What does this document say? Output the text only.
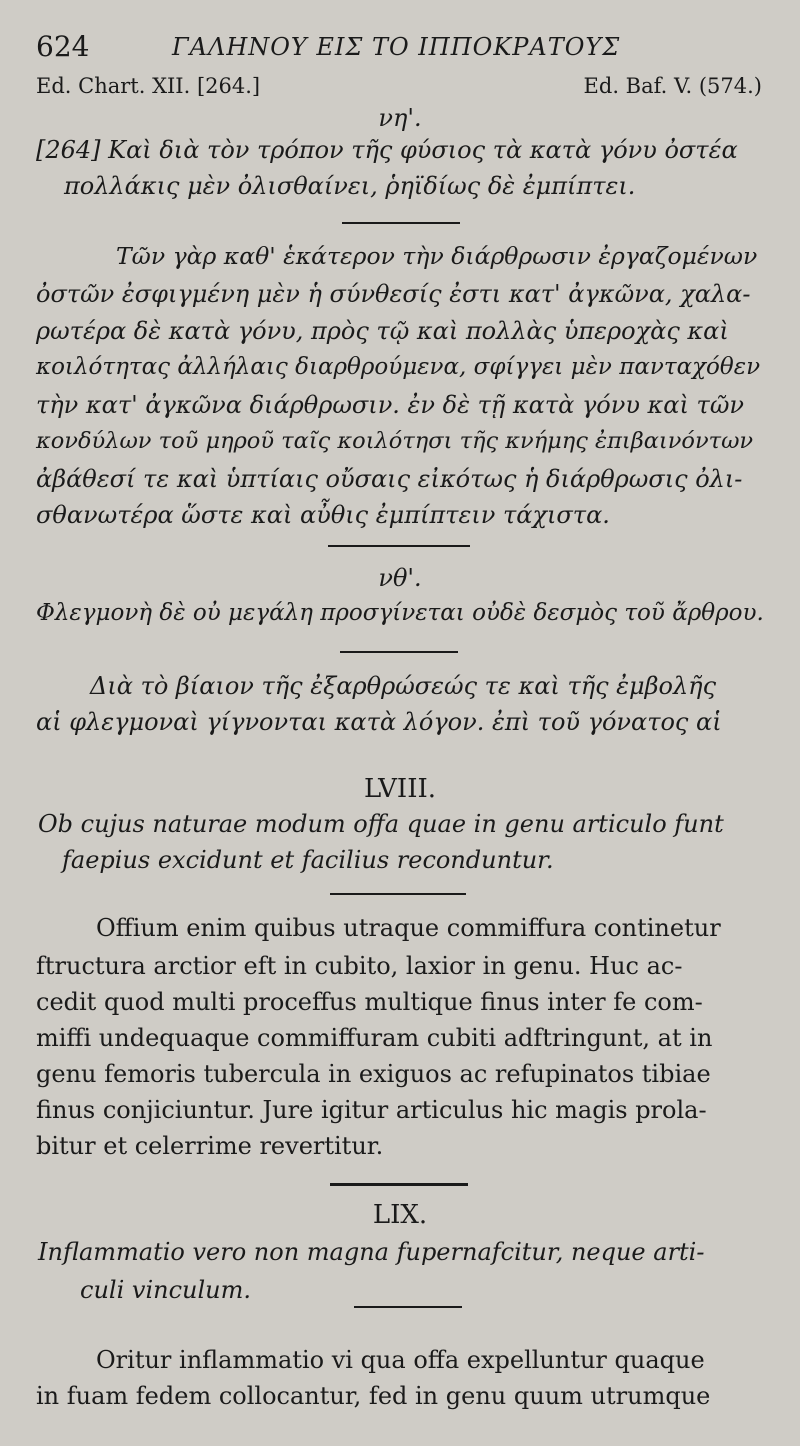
624	ΓΑΛΗΝΟΥ ΕΙΣ ΤΟ ΙΠΠΟΚΡΑΤΟΥΣ
Ed. Chart. XII. [264.]	Ed. Baf. V. (574.)
νη'.
[264] Καὶ διὰ τὸν τρόπον τῆς φύσιος τὰ κατὰ γόνυ ὀστέα
πολλάκις μὲν ὀλισθαίνει, ῥηϊδίως δὲ ἐμπίπτει.
Τῶν γὰρ καθ' ἑκάτερον τὴν διάρθρωσιν ἐργαζομένων
ὀστῶν ἐσφιγμένη μὲν ἡ σύνθεσίς ἐστι κατ' ἀγκῶνα, χαλα-
ρωτέρα δὲ κατὰ γόνυ, πρὸς τῷ καὶ πολλὰς ὑπεροχὰς καὶ
κοιλότητας ἀλλήλαις διαρθρούμενα, σφίγγει μὲν πανταχόθεν
τὴν κατ' ἀγκῶνα διάρθρωσιν. ἐν δὲ τῇ κατὰ γόνυ καὶ τῶν
κονδύλων τοῦ μηροῦ ταῖς κοιλότησι τῆς κνήμης ἐπιβαινόντων
ἀβάθεσί τε καὶ ὑπτίαις οὔσαις εἰκότως ἡ διάρθρωσις ὀλι-
σθανωτέρα ὥστε καὶ αὖθις ἐμπίπτειν τάχιστα.
νθ'.
Φλεγμονὴ δὲ οὐ μεγάλη προσγίνεται οὐδὲ δεσμὸς τοῦ ἄρθρου.
Διὰ τὸ βίαιον τῆς ἐξαρθρώσεώς τε καὶ τῆς ἐμβολῆς
αἱ φλεγμοναὶ γίγνονται κατὰ λόγον. ἐπὶ τοῦ γόνατος αἱ
LVIII.
Ob cujus naturae modum offa quae in genu articulo funt
faepius excidunt et facilius reconduntur.
Offium enim quibus utraque commiffura continetur
ftructura arctior eft in cubito, laxior in genu. Huc ac-
cedit quod multi proceffus multique finus inter fe com-
miffi undequaque commiffuram cubiti adftringunt, at in
genu femoris tubercula in exiguos ac refupinatos tibiae
finus conjiciuntur. Jure igitur articulus hic magis prola-
bitur et celerrime revertitur.
LIX.
Inflammatio vero non magna fupernafcitur, neque arti-
culi vinculum.
Oritur inflammatio vi qua offa expelluntur quaque
in fuam fedem collocantur, fed in genu quum utrumque
